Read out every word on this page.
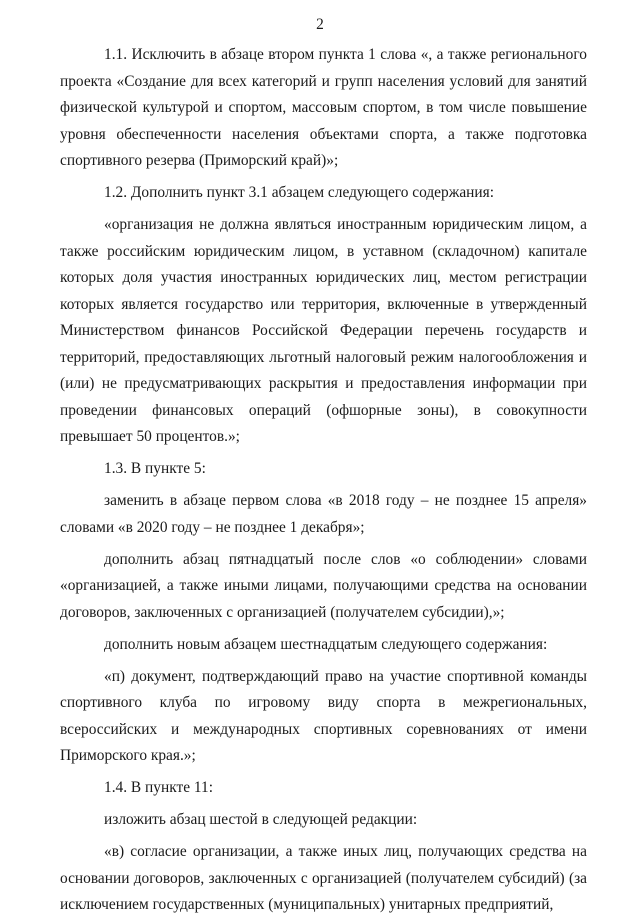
2

1.1. Исключить в абзаце втором пункта 1 слова «, а также регионального проекта «Создание для всех категорий и групп населения условий для занятий физической культурой и спортом, массовым спортом, в том числе повышение уровня обеспеченности населения объектами спорта, а также подготовка спортивного резерва (Приморский край)»;

1.2. Дополнить пункт 3.1 абзацем следующего содержания:

«организация не должна являться иностранным юридическим лицом, а также российским юридическим лицом, в уставном (складочном) капитале которых доля участия иностранных юридических лиц, местом регистрации которых является государство или территория, включенные в утвержденный Министерством финансов Российской Федерации перечень государств и территорий, предоставляющих льготный налоговый режим налогообложения и (или) не предусматривающих раскрытия и предоставления информации при проведении финансовых операций (офшорные зоны), в совокупности превышает 50 процентов.»;

1.3. В пункте 5:

заменить в абзаце первом слова «в 2018 году – не позднее 15 апреля» словами «в 2020 году – не позднее 1 декабря»;

дополнить абзац пятнадцатый после слов «о соблюдении» словами «организацией, а также иными лицами, получающими средства на основании договоров, заключенных с организацией (получателем субсидии),»;

дополнить новым абзацем шестнадцатым следующего содержания:

«п) документ, подтверждающий право на участие спортивной команды спортивного клуба по игровому виду спорта в межрегиональных, всероссийских и международных спортивных соревнованиях от имени Приморского края.»;

1.4. В пункте 11:

изложить абзац шестой в следующей редакции:

«в) согласие организации, а также иных лиц, получающих средства на основании договоров, заключенных с организацией (получателем субсидий) (за исключением государственных (муниципальных) унитарных предприятий,
